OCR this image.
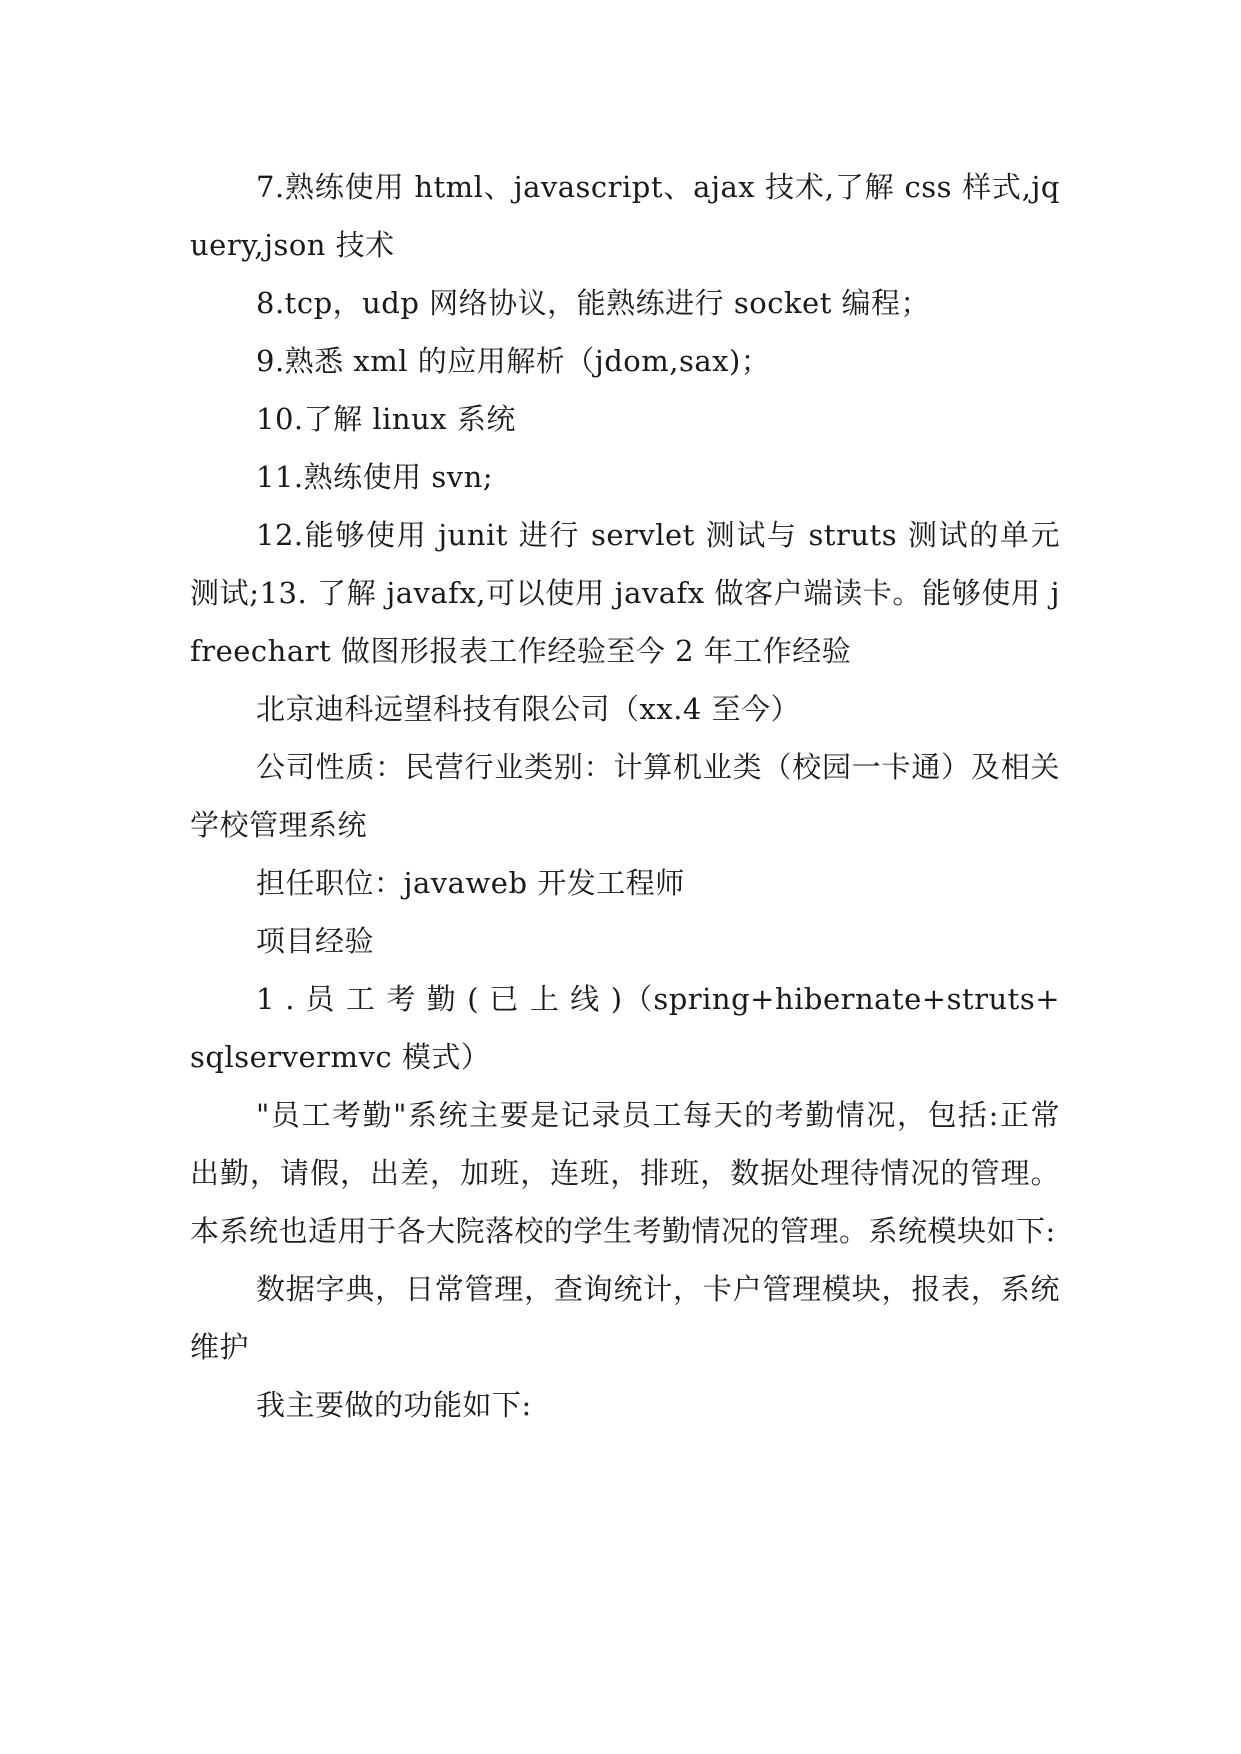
7.熟练使用 html、javascript、ajax 技术,了解 css 样式,jquery,json 技术

8.tcp，udp 网络协议，能熟练进行 socket 编程；

9.熟悉 xml 的应用解析（jdom,sax)；

10.了解 linux 系统

11.熟练使用 svn;

12.能够使用 junit 进行 servlet 测试与 struts 测试的单元测试;13. 了解 javafx,可以使用 javafx 做客户端读卡。能够使用 jfreechart 做图形报表工作经验至今 2 年工作经验

北京迪科远望科技有限公司（xx.4 至今）

公司性质：民营行业类别：计算机业类（校园一卡通）及相关学校管理系统

担任职位：javaweb 开发工程师

项目经验

1 . 员 工 考 勤 ( 已 上 线 )（spring+hibernate+struts+sqlservermvc 模式）

"员工考勤"系统主要是记录员工每天的考勤情况，包括:正常出勤，请假，出差，加班，连班，排班，数据处理待情况的管理。本系统也适用于各大院落校的学生考勤情况的管理。系统模块如下:

数据字典，日常管理，查询统计，卡户管理模块，报表，系统维护

我主要做的功能如下:
